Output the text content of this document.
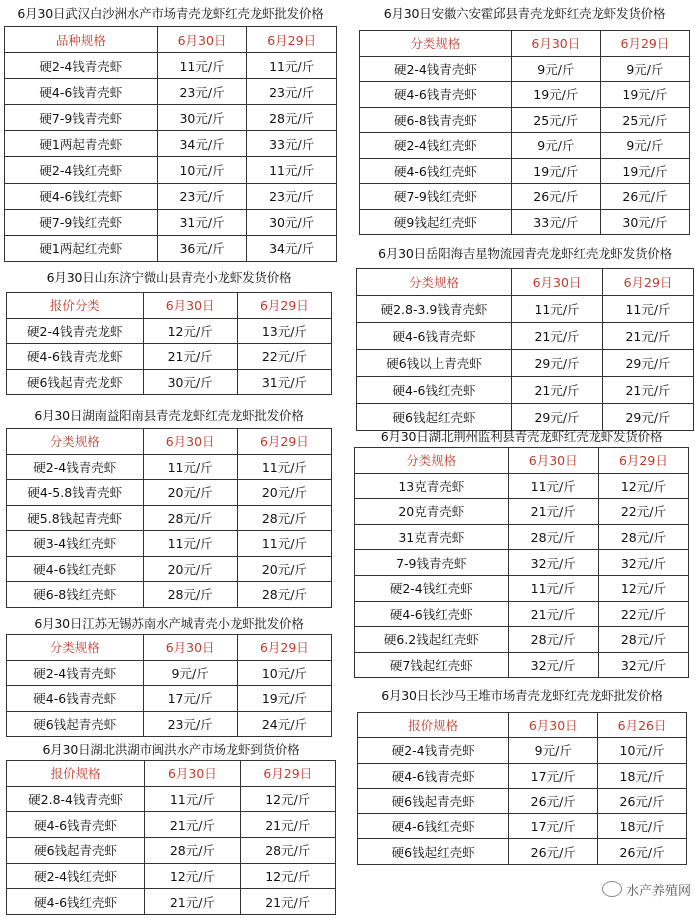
6月30日武汉白沙洲水产市场青壳龙虾红壳龙虾批发价格
品种规格	6月30日	6月29日
硬2-4钱青壳虾	11元/斤	11元/斤
硬4-6钱青壳虾	23元/斤	23元/斤
硬7-9钱青壳虾	30元/斤	28元/斤
硬1两起青壳虾	34元/斤	33元/斤
硬2-4钱红壳虾	10元/斤	11元/斤
硬4-6钱红壳虾	23元/斤	23元/斤
硬7-9钱红壳虾	31元/斤	30元/斤
硬1两起红壳虾	36元/斤	34元/斤
6月30日山东济宁微山县青壳小龙虾发货价格
报价分类	6月30日	6月29日
硬2-4钱青壳龙虾	12元/斤	13元/斤
硬4-6钱青壳龙虾	21元/斤	22元/斤
硬6钱起青壳龙虾	30元/斤	31元/斤
6月30日湖南益阳南县青壳龙虾红壳龙虾批发价格
分类规格	6月30日	6月29日
硬2-4钱青壳虾	11元/斤	11元/斤
硬4-5.8钱青壳虾	20元/斤	20元/斤
硬5.8钱起青壳虾	28元/斤	28元/斤
硬3-4钱红壳虾	11元/斤	11元/斤
硬4-6钱红壳虾	20元/斤	20元/斤
硬6-8钱红壳虾	28元/斤	28元/斤
6月30日江苏无锡苏南水产城青壳小龙虾批发价格
分类规格	6月30日	6月29日
硬2-4钱青壳虾	9元/斤	10元/斤
硬4-6钱青壳虾	17元/斤	19元/斤
硬6钱起青壳虾	23元/斤	24元/斤
6月30日湖北洪湖市闽洪水产市场龙虾到货价格
报价规格	6月30日	6月29日
硬2.8-4钱青壳虾	11元/斤	12元/斤
硬4-6钱青壳虾	21元/斤	21元/斤
硬6钱起青壳虾	28元/斤	28元/斤
硬2-4钱红壳虾	12元/斤	12元/斤
硬4-6钱红壳虾	21元/斤	21元/斤
6月30日安徽六安霍邱县青壳龙虾红壳龙虾发货价格
分类规格	6月30日	6月29日
硬2-4钱青壳虾	9元/斤	9元/斤
硬4-6钱青壳虾	19元/斤	19元/斤
硬6-8钱青壳虾	25元/斤	25元/斤
硬2-4钱红壳虾	9元/斤	9元/斤
硬4-6钱红壳虾	19元/斤	19元/斤
硬7-9钱红壳虾	26元/斤	26元/斤
硬9钱起红壳虾	33元/斤	30元/斤
6月30日岳阳海吉星物流园青壳龙虾红壳龙虾发货价格
分类规格	6月30日	6月29日
硬2.8-3.9钱青壳虾	11元/斤	11元/斤
硬4-6钱青壳虾	21元/斤	21元/斤
硬6钱以上青壳虾	29元/斤	29元/斤
硬4-6钱红壳虾	21元/斤	21元/斤
硬6钱起红壳虾	29元/斤	29元/斤
6月30日湖北荆州监利县青壳龙虾红壳龙虾发货价格
分类规格	6月30日	6月29日
13克青壳虾	11元/斤	12元/斤
20克青壳虾	21元/斤	22元/斤
31克青壳虾	28元/斤	28元/斤
7-9钱青壳虾	32元/斤	32元/斤
硬2-4钱红壳虾	11元/斤	12元/斤
硬4-6钱红壳虾	21元/斤	22元/斤
硬6.2钱起红壳虾	28元/斤	28元/斤
硬7钱起红壳虾	32元/斤	32元/斤
6月30日长沙马王堆市场青壳龙虾红壳龙虾批发价格
报价规格	6月30日	6月26日
硬2-4钱青壳虾	9元/斤	10元/斤
硬4-6钱青壳虾	17元/斤	18元/斤
硬6钱起青壳虾	26元/斤	26元/斤
硬4-6钱红壳虾	17元/斤	18元/斤
硬6钱起红壳虾	26元/斤	26元/斤
水产养殖网
